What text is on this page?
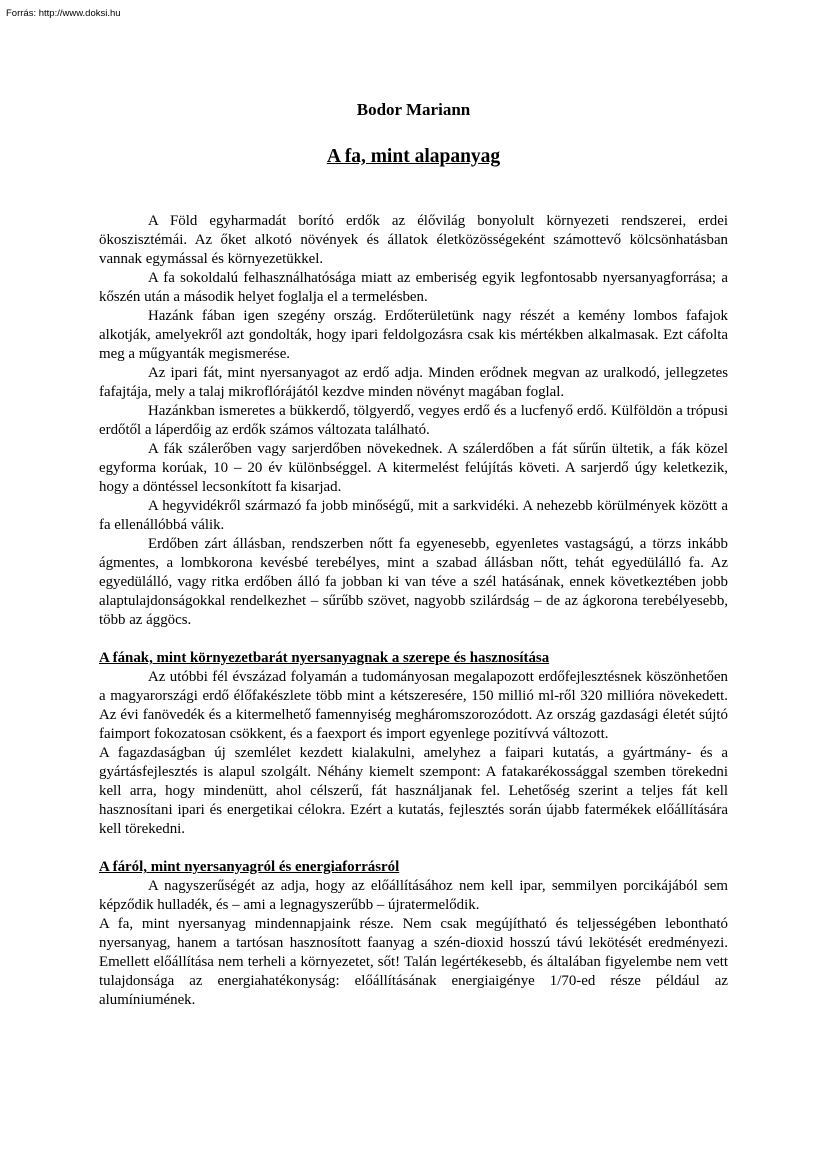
Forrás: http://www.doksi.hu
Bodor Mariann
A fa, mint alapanyag

A Föld egyharmadát borító erdők az élővilág bonyolult környezeti rendszerei, erdei ökoszisztémái. Az őket alkotó növények és állatok életközösségeként számottevő kölcsönhatásban vannak egymással és környezetükkel.

A fa sokoldalú felhasználhatósága miatt az emberiség egyik legfontosabb nyersanyagforrása; a kőszén után a második helyet foglalja el a termelésben.

Hazánk fában igen szegény ország. Erdőterületünk nagy részét a kemény lombos fafajok alkotják, amelyekről azt gondolták, hogy ipari feldolgozásra csak kis mértékben alkalmasak. Ezt cáfolta meg a műgyanták megismerése.

Az ipari fát, mint nyersanyagot az erdő adja. Minden erődnek megvan az uralkodó, jellegzetes fafajtája, mely a talaj mikroflórájától kezdve minden növényt magában foglal.

Hazánkban ismeretes a bükkerdő, tölgyerdő, vegyes erdő és a lucfenyő erdő. Külföldön a trópusi erdőtől a láperdőig az erdők számos változata található.

A fák szálerőben vagy sarjerdőben növekednek. A szálerdőben a fát sűrűn ültetik, a fák közel egyforma korúak, 10 – 20 év különbséggel. A kitermelést felújítás követi. A sarjerdő úgy keletkezik, hogy a döntéssel lecsonkított fa kisarjad.

A hegyvidékről származó fa jobb minőségű, mit a sarkvidéki. A nehezebb körülmények között a fa ellenállóbbá válik.

Erdőben zárt állásban, rendszerben nőtt fa egyenesebb, egyenletes vastagságú, a törzs inkább ágmentes, a lombkorona kevésbé terebélyes, mint a szabad állásban nőtt, tehát egyedülálló fa. Az egyedülálló, vagy ritka erdőben álló fa jobban ki van téve a szél hatásának, ennek következtében jobb alaptulajdonságokkal rendelkezhet – sűrűbb szövet, nagyobb szilárdság – de az ágkorona terebélyesebb, több az ággöcs.

A fának, mint környezetbarát nyersanyagnak a szerepe és hasznosítása

Az utóbbi fél évszázad folyamán a tudományosan megalapozott erdőfejlesztésnek köszönhetően a magyarországi erdő élőfakészlete több mint a kétszeresére, 150 millió ml-ről 320 millióra növekedett. Az évi fanövedék és a kitermelhető famennyiség megháromszorozódott. Az ország gazdasági életét sújtó faimport fokozatosan csökkent, és a faexport és import egyenlege pozitívvá változott.

A fagazdaságban új szemlélet kezdett kialakulni, amelyhez a faipari kutatás, a gyártmány- és a gyártásfejlesztés is alapul szolgált. Néhány kiemelt szempont: A fatakarékossággal szemben törekedni kell arra, hogy mindenütt, ahol célszerű, fát használjanak fel. Lehetőség szerint a teljes fát kell hasznosítani ipari és energetikai célokra. Ezért a kutatás, fejlesztés során újabb fatermékek előállítására kell törekedni.

A fáról, mint nyersanyagról és energiaforrásról

A nagyszerűségét az adja, hogy az előállításához nem kell ipar, semmilyen porcikájából sem képződik hulladék, és – ami a legnagyszerűbb – újratermelődik.

A fa, mint nyersanyag mindennapjaink része. Nem csak megújítható és teljességében lebontható nyersanyag, hanem a tartósan hasznosított faanyag a szén-dioxid hosszú távú lekötését eredményezi. Emellett előállítása nem terheli a környezetet, sőt! Talán legértékesebb, és általában figyelembe nem vett tulajdonsága az energiahatékonyság: előállításának energiaigénye 1/70-ed része például az alumíniumének.
